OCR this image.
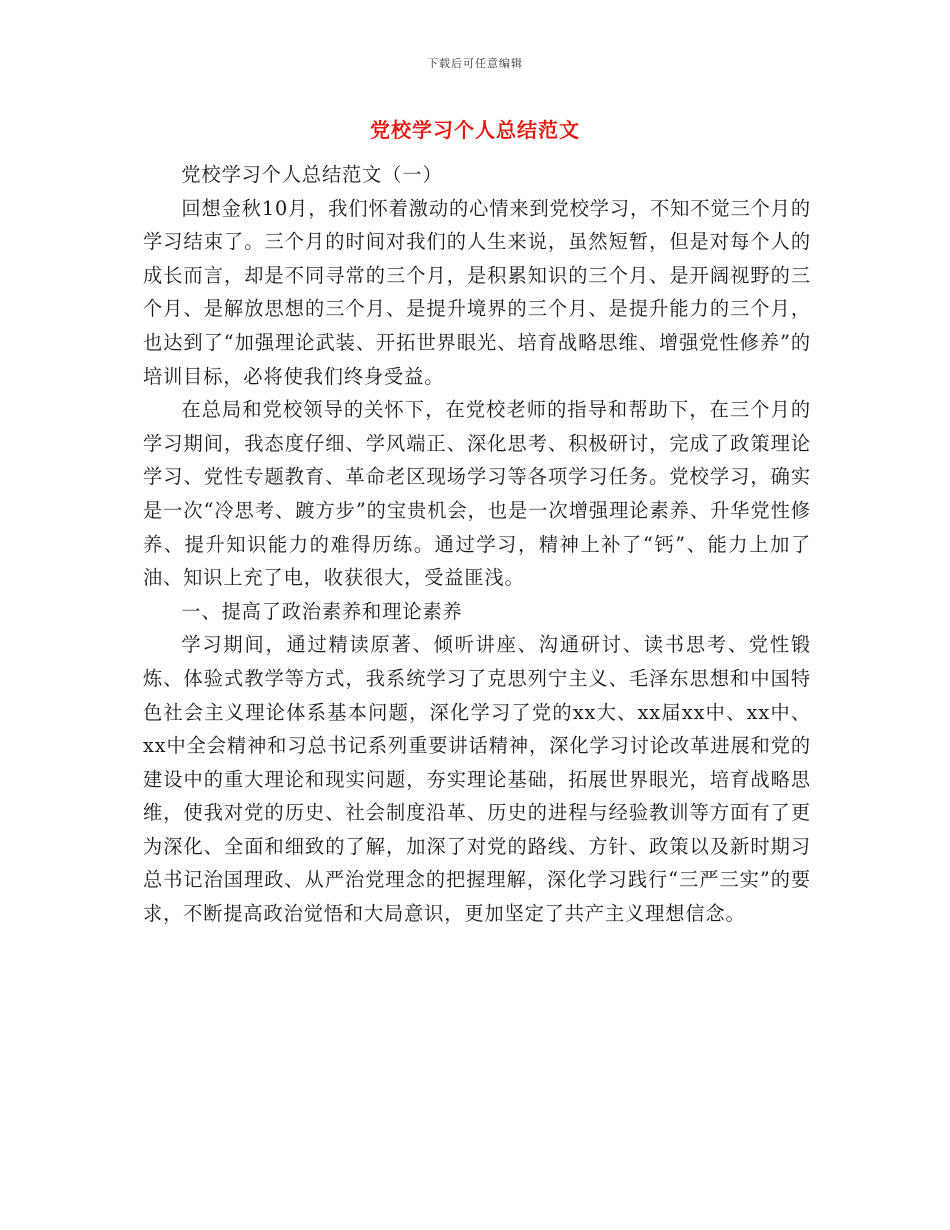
下载后可任意编辑
党校学习个人总结范文

党校学习个人总结范文（一）

回想金秋10月，我们怀着激动的心情来到党校学习，不知不觉三个月的学习结束了。三个月的时间对我们的人生来说，虽然短暂，但是对每个人的成长而言，却是不同寻常的三个月，是积累知识的三个月、是开阔视野的三个月、是解放思想的三个月、是提升境界的三个月、是提升能力的三个月，也达到了“加强理论武装、开拓世界眼光、培育战略思维、增强党性修养”的培训目标，必将使我们终身受益。

在总局和党校领导的关怀下，在党校老师的指导和帮助下，在三个月的学习期间，我态度仔细、学风端正、深化思考、积极研讨，完成了政策理论学习、党性专题教育、革命老区现场学习等各项学习任务。党校学习，确实是一次“冷思考、踱方步”的宝贵机会，也是一次增强理论素养、升华党性修养、提升知识能力的难得历练。通过学习，精神上补了“钙”、能力上加了油、知识上充了电，收获很大，受益匪浅。

一、提高了政治素养和理论素养

学习期间，通过精读原著、倾听讲座、沟通研讨、读书思考、党性锻炼、体验式教学等方式，我系统学习了克思列宁主义、毛泽东思想和中国特色社会主义理论体系基本问题，深化学习了党的xx大、xx届xx中、xx中、xx中全会精神和习总书记系列重要讲话精神，深化学习讨论改革进展和党的建设中的重大理论和现实问题，夯实理论基础，拓展世界眼光，培育战略思维，使我对党的历史、社会制度沿革、历史的进程与经验教训等方面有了更为深化、全面和细致的了解，加深了对党的路线、方针、政策以及新时期习总书记治国理政、从严治党理念的把握理解，深化学习践行“三严三实”的要求，不断提高政治觉悟和大局意识，更加坚定了共产主义理想信念。
